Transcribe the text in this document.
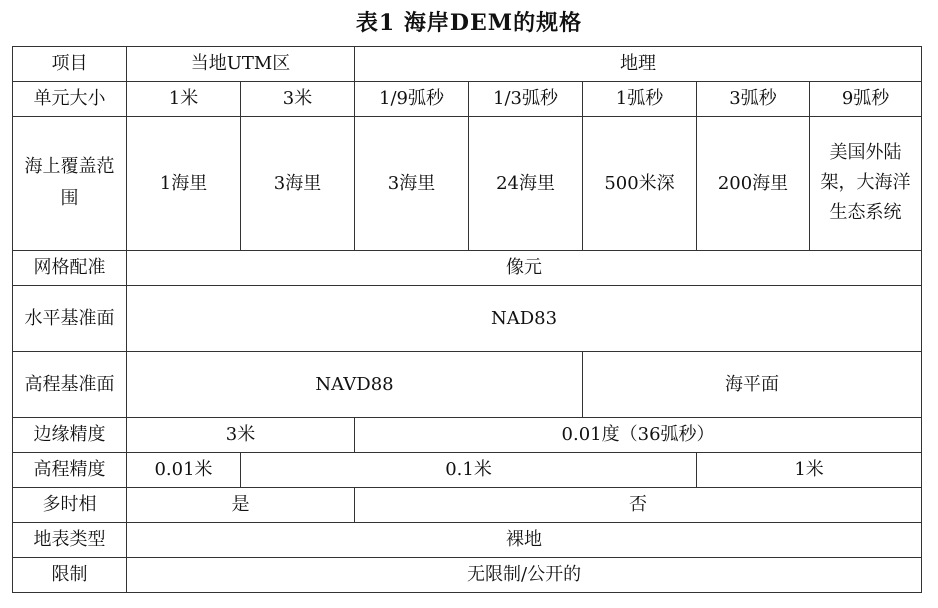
表1 海岸DEM的规格
项目	当地UTM区		地理				
单元大小	1米	3米	1/9弧秒	1/3弧秒	1弧秒	3弧秒	9弧秒
海上覆盖范围	1海里	3海里	3海里	24海里	500米深	200海里	美国外陆架，大海洋生态系统
网格配准	像元						
水平基准面	NAD83						
高程基准面	NAVD88				海平面		
边缘精度	3米		0.01度（36弧秒）				
高程精度	0.01米	0.1米				1米	
多时相	是		否				
地表类型	裸地						
限制	无限制/公开的						
